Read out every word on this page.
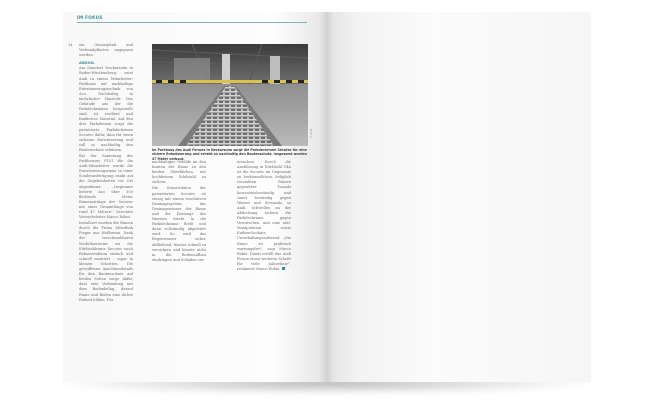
IM FOKUS
14 ein Gussasphalt und Verbundpflaster, angepasst werden.

ABSOIL

Am Standort Neckarsulm in Baden-Württemberg setzt Audi in einem Mitarbeiter-Parkhaus auf nachhaltige Entwässerungstechnik von Aco. Nachhaltig in mehrfacher Hinsicht: Das Gebäude aus der die Parkdeckrinnen hergestellt sind, ist resilient und fundiertes Material. Auf den drei Parkebenen sorgt die patentierte Parkdeckrinne Secutec dafür, dass für einen sicheren Entwässerung und soll so nachhaltig den Bautenschutz schützen.

Bei der Sanierung des Parkhauses P101 für die Audi-Mitarbeiter wurde die Entwässerungsrinne in einer Sonderanfertigung exakt auf die Gegebenheiten vor Ort abgestimmt. „Insgesamt lieferte Aco über 100 fließende Meter Rinnenstränge der Secutec mit einer Gesamtlänge von rund 47 Metern", berichtet Vertriebsleiter Marco Rokei.

Installiert wurden die Rinnen durch die Firma Mössflink Pieger aus Heilbronn. Dank der verschraubbaren Modulbauweise sei die Edelstahlrinne Secutec nach Rekonstruktion einfach und schnell montiert – sogar in kleinen Schritten. Die getroffenen Anschlussdetails für den Bautenschutz auf beiden Seiten sorge dafür, dass eine Verbindung mit dem Bodenbelag, darauf Rinne und Boden eine dichte Einheit bilden. Für

© Audi
Im Parkhaus des Audi Forums in Neckarsulm sorgt die Parkdeckrinne Secutec für eine sichere Entwässerung und erhöht so nachhaltig den Bautenschutz. Insgesamt wurden 47 Meter verbaut.

nachhaltiges Gebilde an den Kanten der Rinne zu den beiden Oberflächen, mit hochfestem Edelstahl zu sichern.

Die Konstruktion der patentierten Secutec ist einzig mit einem resolutiven Drainagesystem, das Drainagewasser der Rinne und die Drainage des Wassers direkt in die Parkdeckrinne fließt und dann vollständig abgeleitet wird. So wird das Regenwasser sicher abfließend. Wasser schnell zu versickern und könnte nicht in die Bodenaufbau eindringen und Schäden ver-

ursachen. Durch die Ausführung in Edelstahl V4A ist die Secutec im Gegensatz zu herkömmlichen, lediglich verzinkten Rinnen gegenüber Tausalz korrosionsbeständig und somit beständig gegen Wasser und Streusalz, so Audi. Schwellen an der Abdeckung sichern die Parkdeckrinne gegen Verrutschen, und eine anti-Manipulation sowie Einbruchschutz, Unterhaltungsaufwand: „Die Rinne ist praktisch wartungsfrei", sagt Marco Rokei. Damit erfüllt das Audi Forum einen weiteren Schritt für viele Jahrzehnte", resümiert Marco Rokei.
